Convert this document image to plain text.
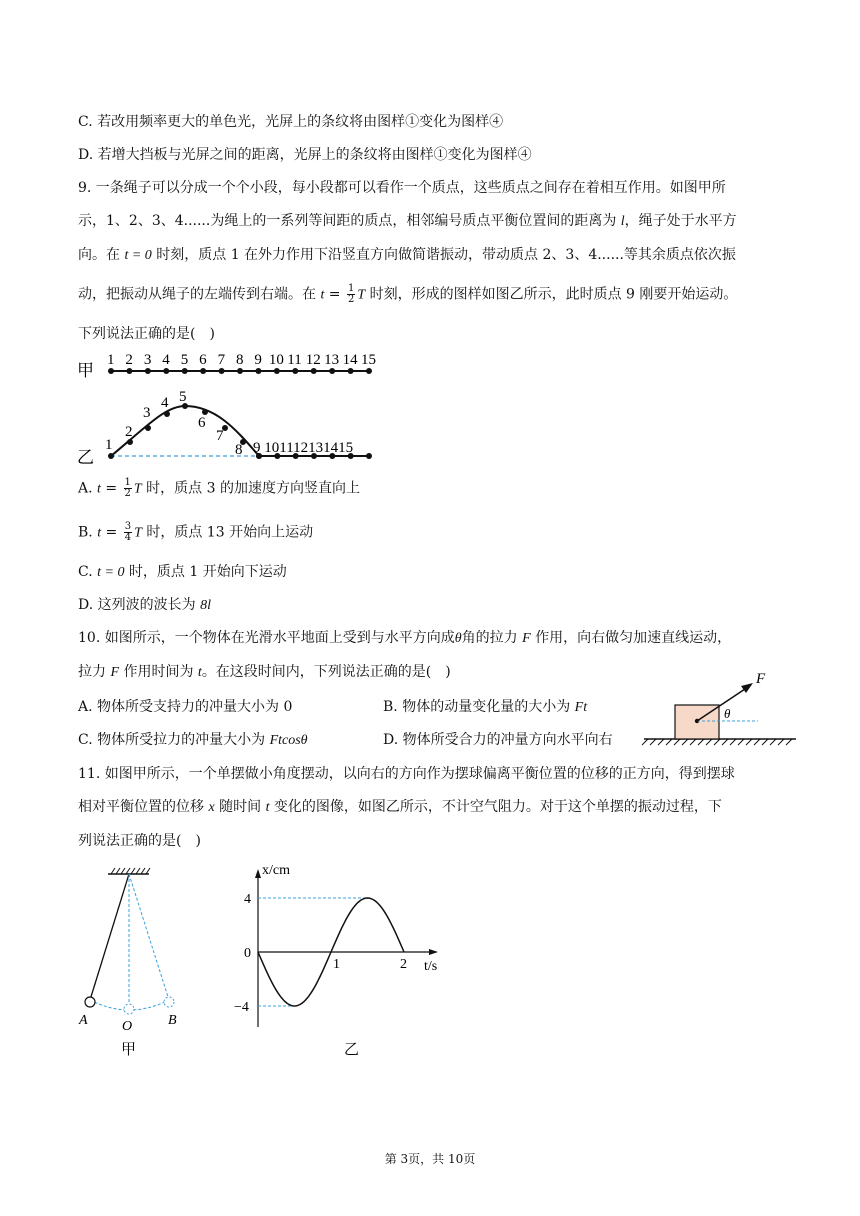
C. 若改用频率更大的单色光，光屏上的条纹将由图样①变化为图样④
D. 若增大挡板与光屏之间的距离，光屏上的条纹将由图样①变化为图样④
9. 一条绳子可以分成一个个小段，每小段都可以看作一个质点，这些质点之间存在着相互作用。如图甲所
示，1、2、3、4......为绳上的一系列等间距的质点，相邻编号质点平衡位置间的距离为 l，绳子处于水平方
向。在 t = 0 时刻，质点 1 在外力作用下沿竖直方向做简谐振动，带动质点 2、3、4......等其余质点依次振
动，把振动从绳子的左端传到右端。在 $t = \frac{1}{2}$ T 时刻，形成的图样如图乙所示，此时质点 9 刚要开始运动。
下列说法正确的是(　)
甲
1 2 3 4 5 6 7 8 9 10 11 12 13 14 15
乙
1
2
3
4 5
6
7
8 9 101112131415
A. $t = \frac{1}{2}$ T 时，质点 3 的加速度方向竖直向上
B. $t = \frac{3}{4}$ T 时，质点 13 开始向上运动
C. t = 0 时，质点 1 开始向下运动
D. 这列波的波长为 8l
10. 如图所示，一个物体在光滑水平地面上受到与水平方向成θ角的拉力 F 作用，向右做匀加速直线运动，
拉力 F 作用时间为 t。在这段时间内，下列说法正确的是(　)
A. 物体所受支持力的冲量大小为 0	B. 物体的动量变化量的大小为 Ft
C. 物体所受拉力的冲量大小为 Ftcosθ	D. 物体所受合力的冲量方向水平向右
F
θ
11. 如图甲所示，一个单摆做小角度摆动，以向右的方向作为摆球偏离平衡位置的位移的正方向，得到摆球
相对平衡位置的位移 x 随时间 t 变化的图像，如图乙所示，不计空气阻力。对于这个单摆的振动过程，下
列说法正确的是(　)
A O	B
甲
x/cm
t/s
4
0
−4
1	2
乙
第 3页，共 10页
